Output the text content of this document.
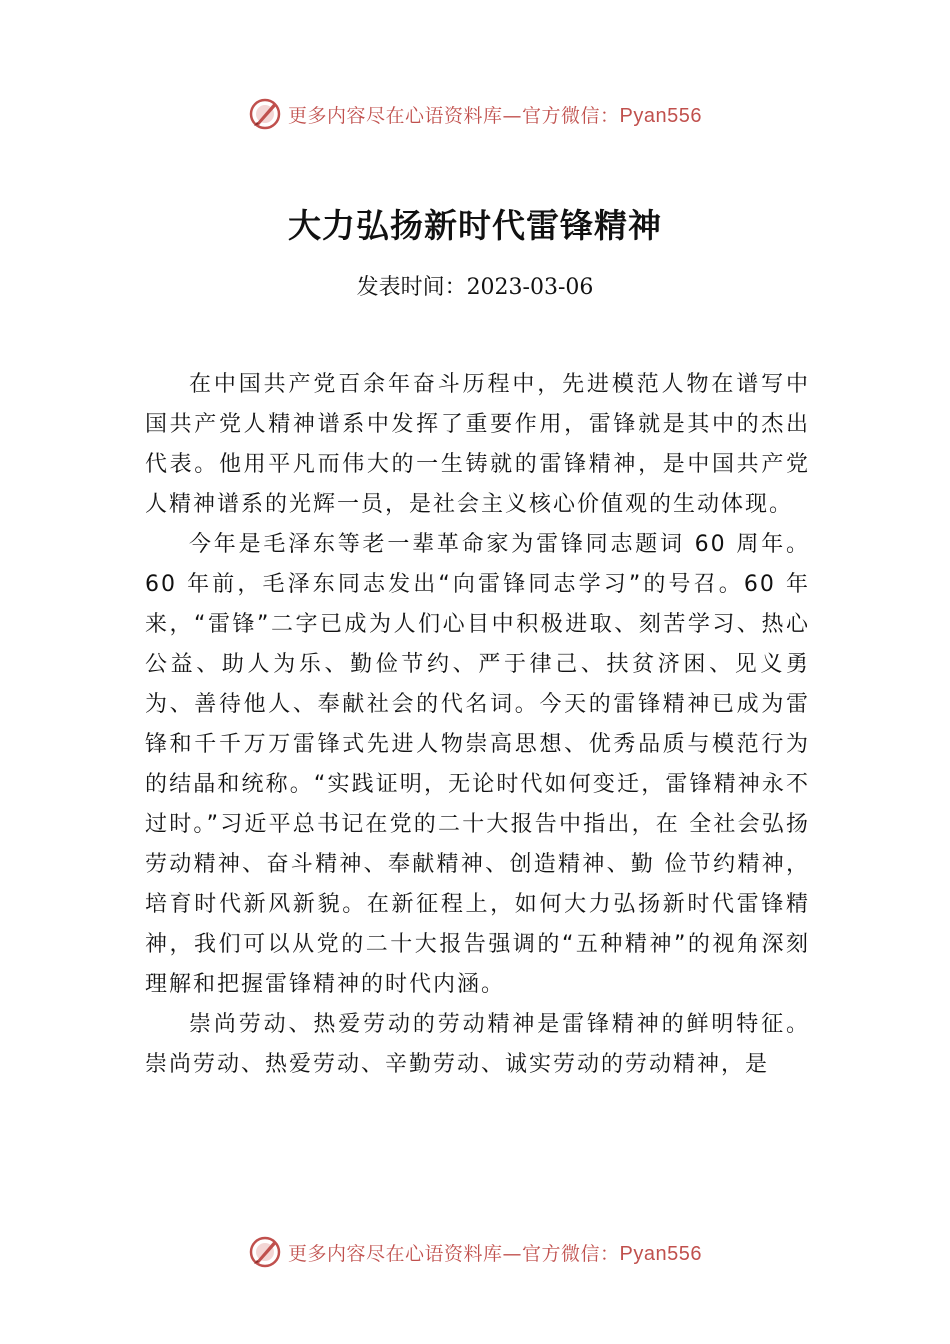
更多内容尽在心语资料库—官方微信：Pyan556
大力弘扬新时代雷锋精神
发表时间：2023-03-06

在中国共产党百余年奋斗历程中，先进模范人物在谱写中国共产党人精神谱系中发挥了重要作用，雷锋就是其中的杰出代表。他用平凡而伟大的一生铸就的雷锋精神，是中国共产党人精神谱系的光辉一员，是社会主义核心价值观的生动体现。

今年是毛泽东等老一辈革命家为雷锋同志题词 60 周年。60 年前，毛泽东同志发出“向雷锋同志学习”的号召。60 年来，“雷锋”二字已成为人们心目中积极进取、刻苦学习、热心公益、助人为乐、勤俭节约、严于律己、扶贫济困、见义勇为、善待他人、奉献社会的代名词。今天的雷锋精神已成为雷锋和千千万万雷锋式先进人物崇高思想、优秀品质与模范行为的结晶和统称。“实践证明，无论时代如何变迁，雷锋精神永不过时。”习近平总书记在党的二十大报告中指出，在 全社会弘扬劳动精神、奋斗精神、奉献精神、创造精神、勤 俭节约精神，培育时代新风新貌。在新征程上，如何大力弘扬新时代雷锋精神，我们可以从党的二十大报告强调的“五种精神”的视角深刻理解和把握雷锋精神的时代内涵。

崇尚劳动、热爱劳动的劳动精神是雷锋精神的鲜明特征。崇尚劳动、热爱劳动、辛勤劳动、诚实劳动的劳动精神，是

更多内容尽在心语资料库—官方微信：Pyan556
